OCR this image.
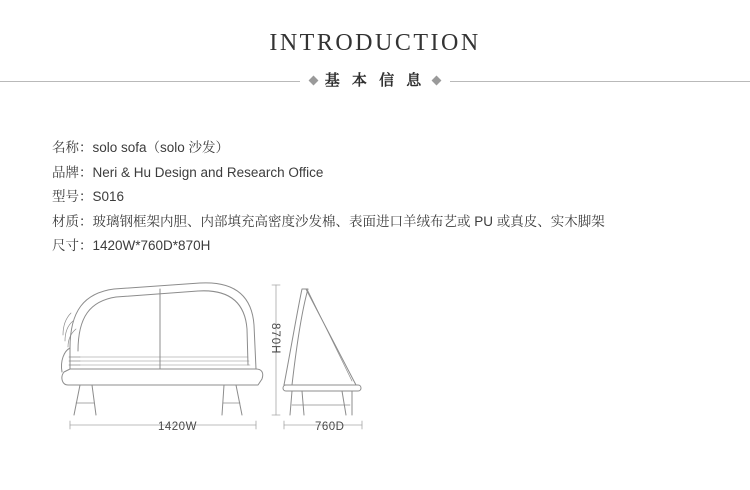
INTRODUCTION
基 本 信 息
名称：solo sofa（solo 沙发）
品牌：Neri & Hu Design and Research Office
型号：S016
材质：玻璃钢框架内胆、内部填充高密度沙发棉、表面进口羊绒布艺或 PU 或真皮、实木脚架
尺寸：1420W*760D*870H
1420W	760D
870H
